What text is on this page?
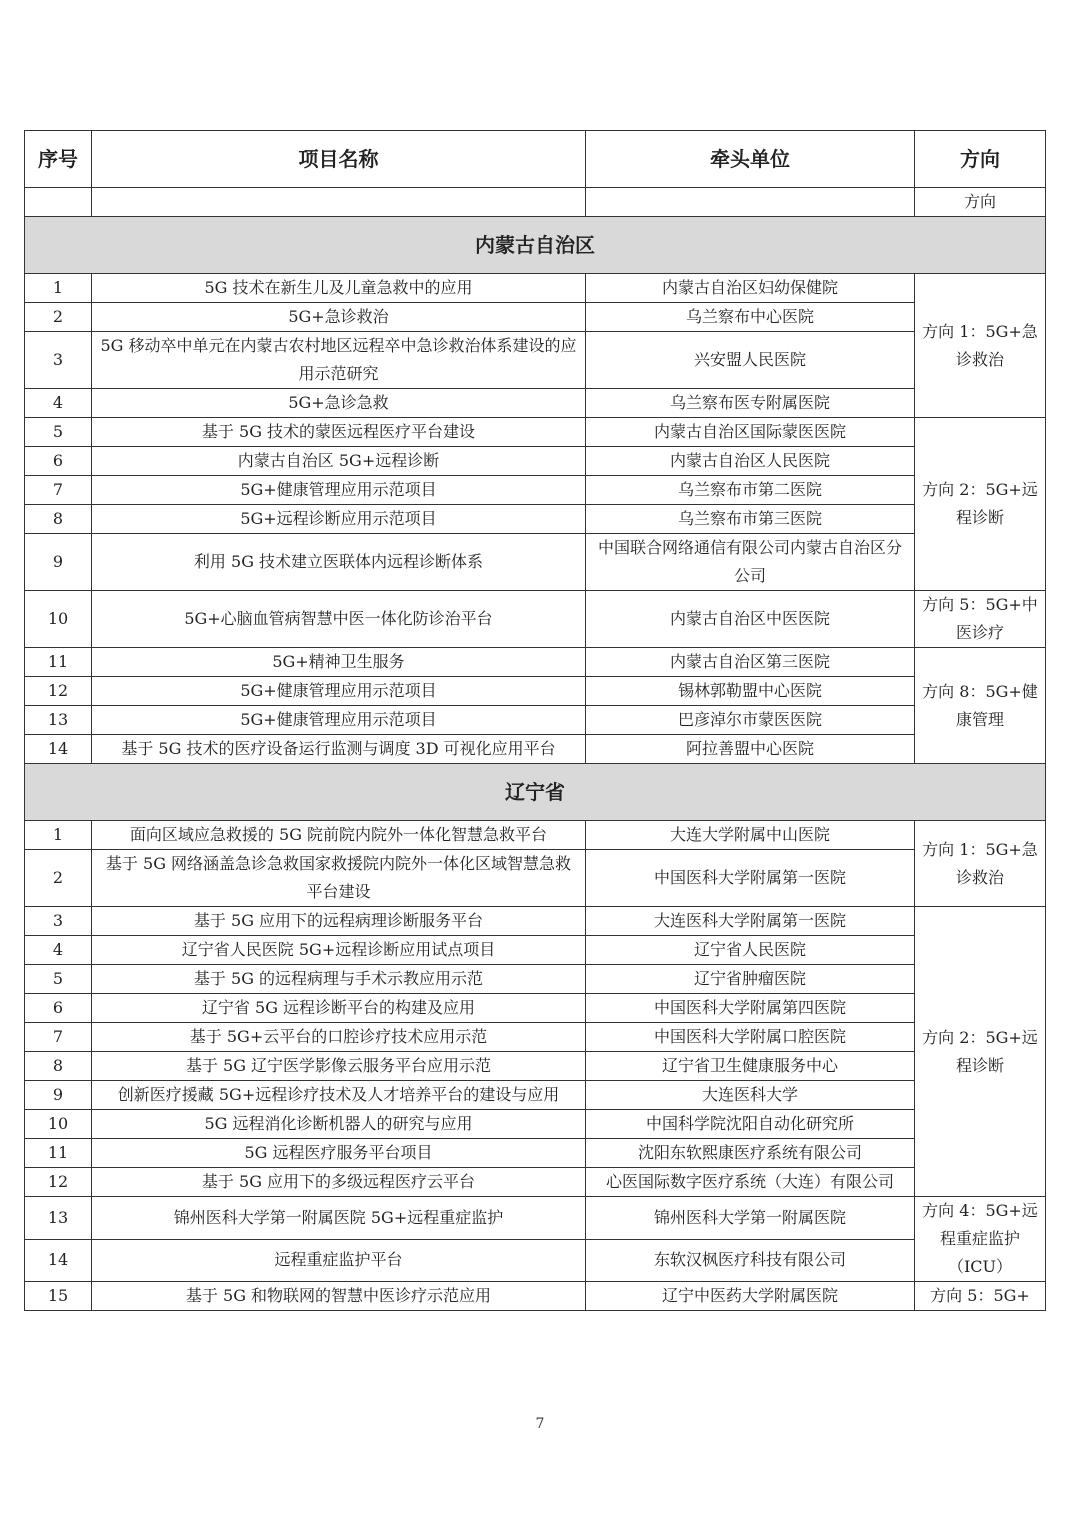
序号	项目名称	牵头单位	方向
			方向
内蒙古自治区			
1	5G 技术在新生儿及儿童急救中的应用	内蒙古自治区妇幼保健院	方向 1：5G+急诊救治
2	5G+急诊救治	乌兰察布中心医院	
3	5G 移动卒中单元在内蒙古农村地区远程卒中急诊救治体系建设的应用示范研究	兴安盟人民医院	
4	5G+急诊急救	乌兰察布医专附属医院	
5	基于 5G 技术的蒙医远程医疗平台建设	内蒙古自治区国际蒙医医院	方向 2：5G+远程诊断
6	内蒙古自治区 5G+远程诊断	内蒙古自治区人民医院	
7	5G+健康管理应用示范项目	乌兰察布市第二医院	
8	5G+远程诊断应用示范项目	乌兰察布市第三医院	
9	利用 5G 技术建立医联体内远程诊断体系	中国联合网络通信有限公司内蒙古自治区分公司	
10	5G+心脑血管病智慧中医一体化防诊治平台	内蒙古自治区中医医院	方向 5：5G+中医诊疗
11	5G+精神卫生服务	内蒙古自治区第三医院	方向 8：5G+健康管理
12	5G+健康管理应用示范项目	锡林郭勒盟中心医院	
13	5G+健康管理应用示范项目	巴彦淖尔市蒙医医院	
14	基于 5G 技术的医疗设备运行监测与调度 3D 可视化应用平台	阿拉善盟中心医院	
辽宁省			
1	面向区域应急救援的 5G 院前院内院外一体化智慧急救平台	大连大学附属中山医院	方向 1：5G+急诊救治
2	基于 5G 网络涵盖急诊急救国家救援院内院外一体化区域智慧急救平台建设	中国医科大学附属第一医院	
3	基于 5G 应用下的远程病理诊断服务平台	大连医科大学附属第一医院	方向 2：5G+远程诊断
4	辽宁省人民医院 5G+远程诊断应用试点项目	辽宁省人民医院	
5	基于 5G 的远程病理与手术示教应用示范	辽宁省肿瘤医院	
6	辽宁省 5G 远程诊断平台的构建及应用	中国医科大学附属第四医院	
7	基于 5G+云平台的口腔诊疗技术应用示范	中国医科大学附属口腔医院	
8	基于 5G 辽宁医学影像云服务平台应用示范	辽宁省卫生健康服务中心	
9	创新医疗援藏 5G+远程诊疗技术及人才培养平台的建设与应用	大连医科大学	
10	5G 远程消化诊断机器人的研究与应用	中国科学院沈阳自动化研究所	
11	5G 远程医疗服务平台项目	沈阳东软熙康医疗系统有限公司	
12	基于 5G 应用下的多级远程医疗云平台	心医国际数字医疗系统（大连）有限公司	
13	锦州医科大学第一附属医院 5G+远程重症监护	锦州医科大学第一附属医院	方向 4：5G+远程重症监护（ICU）
14	远程重症监护平台	东软汉枫医疗科技有限公司	
15	基于 5G 和物联网的智慧中医诊疗示范应用	辽宁中医药大学附属医院	方向 5：5G+
7
